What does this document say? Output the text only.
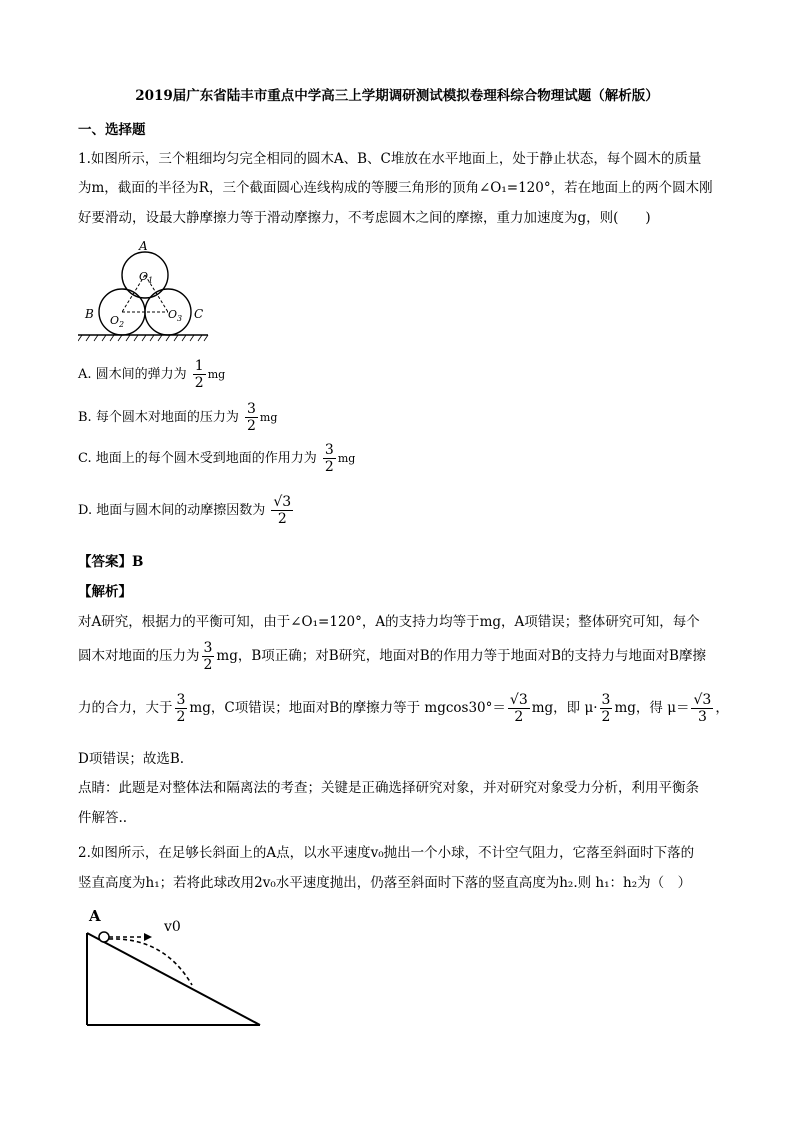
2019届广东省陆丰市重点中学高三上学期调研测试模拟卷理科综合物理试题（解析版）
一、选择题
1.如图所示，三个粗细均匀完全相同的圆木A、B、C堆放在水平地面上，处于静止状态，每个圆木的质量
为m，截面的半径为R，三个截面圆心连线构成的等腰三角形的顶角∠O₁=120°，若在地面上的两个圆木刚
好要滑动，设最大静摩擦力等于滑动摩擦力，不考虑圆木之间的摩擦，重力加速度为g，则(　　)
A
B	C
O 1
O 2
O 3
A. 圆木间的弹力为 $\frac{1}{2}$ mg
B. 每个圆木对地面的压力为 $\frac{3}{2}$ mg
C. 地面上的每个圆木受到地面的作用力为 $\frac{3}{2}$ mg
D. 地面与圆木间的动摩擦因数为 $\frac{√3}{2}$
【答案】B
【解析】
对A研究，根据力的平衡可知，由于∠O₁=120°，A的支持力均等于mg，A项错误；整体研究可知，每个
圆木对地面的压力为 $\frac{3}{2}$ mg，B项正确；对B研究，地面对B的作用力等于地面对B的支持力与地面对B摩擦
力的合力，大于 $\frac{3}{2}$ mg，C项错误；地面对B的摩擦力等于 $mgcos30^\circ= \frac{√3}{2}$ mg，即 $\mu\cdot \frac{3}{2}$ mg，得 $\mu= \frac{√3}{3}$ ，
D项错误；故选B.
点睛：此题是对整体法和隔离法的考查；关键是正确选择研究对象，并对研究对象受力分析，利用平衡条
件解答..
2.如图所示，在足够长斜面上的A点，以水平速度v₀抛出一个小球，不计空气阻力，它落至斜面时下落的
竖直高度为h₁；若将此球改用2v₀水平速度抛出，仍落至斜面时下落的竖直高度为h₂.则 h₁：h₂为（　）
A
v0
